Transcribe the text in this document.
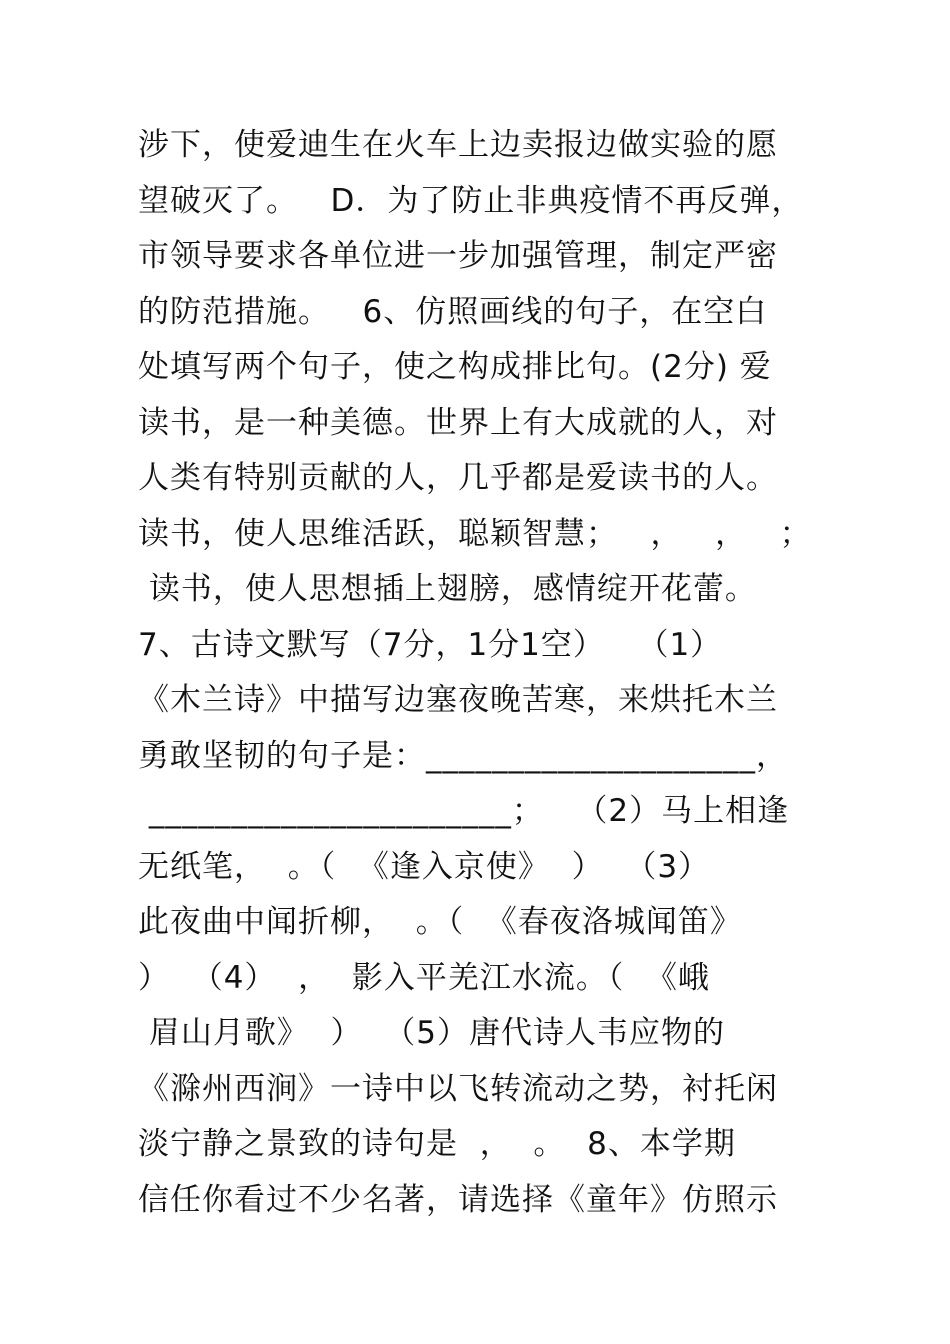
涉下，使爱迪生在火车上边卖报边做实验的愿
望破灭了。   D．为了防止非典疫情不再反弹，
市领导要求各单位进一步加强管理，制定严密
的防范措施。   6、仿照画线的句子，在空白
处填写两个句子，使之构成排比句。(2分) 爱
读书，是一种美德。世界上有大成就的人，对
人类有特别贡献的人，几乎都是爱读书的人。
读书，使人思维活跃，聪颖智慧；   ，   ，   ；
读书，使人思想插上翅膀，感情绽开花蕾。
7、古诗文默写（7分，1分1空）   （1）
《木兰诗》中描写边塞夜晚苦寒，来烘托木兰
勇敢坚韧的句子是：____________________，
______________________；   （2）马上相逢
无纸笔，  。（  《逢入京使》  ）  （3）
此夜曲中闻折柳，  。（  《春夜洛城闻笛》
）  （4）  ，  影入平羌江水流。（  《峨
眉山月歌》  ）  （5）唐代诗人韦应物的
《滁州西涧》一诗中以飞转流动之势，衬托闲
淡宁静之景致的诗句是  ，  。  8、本学期
信任你看过不少名著，请选择《童年》仿照示
